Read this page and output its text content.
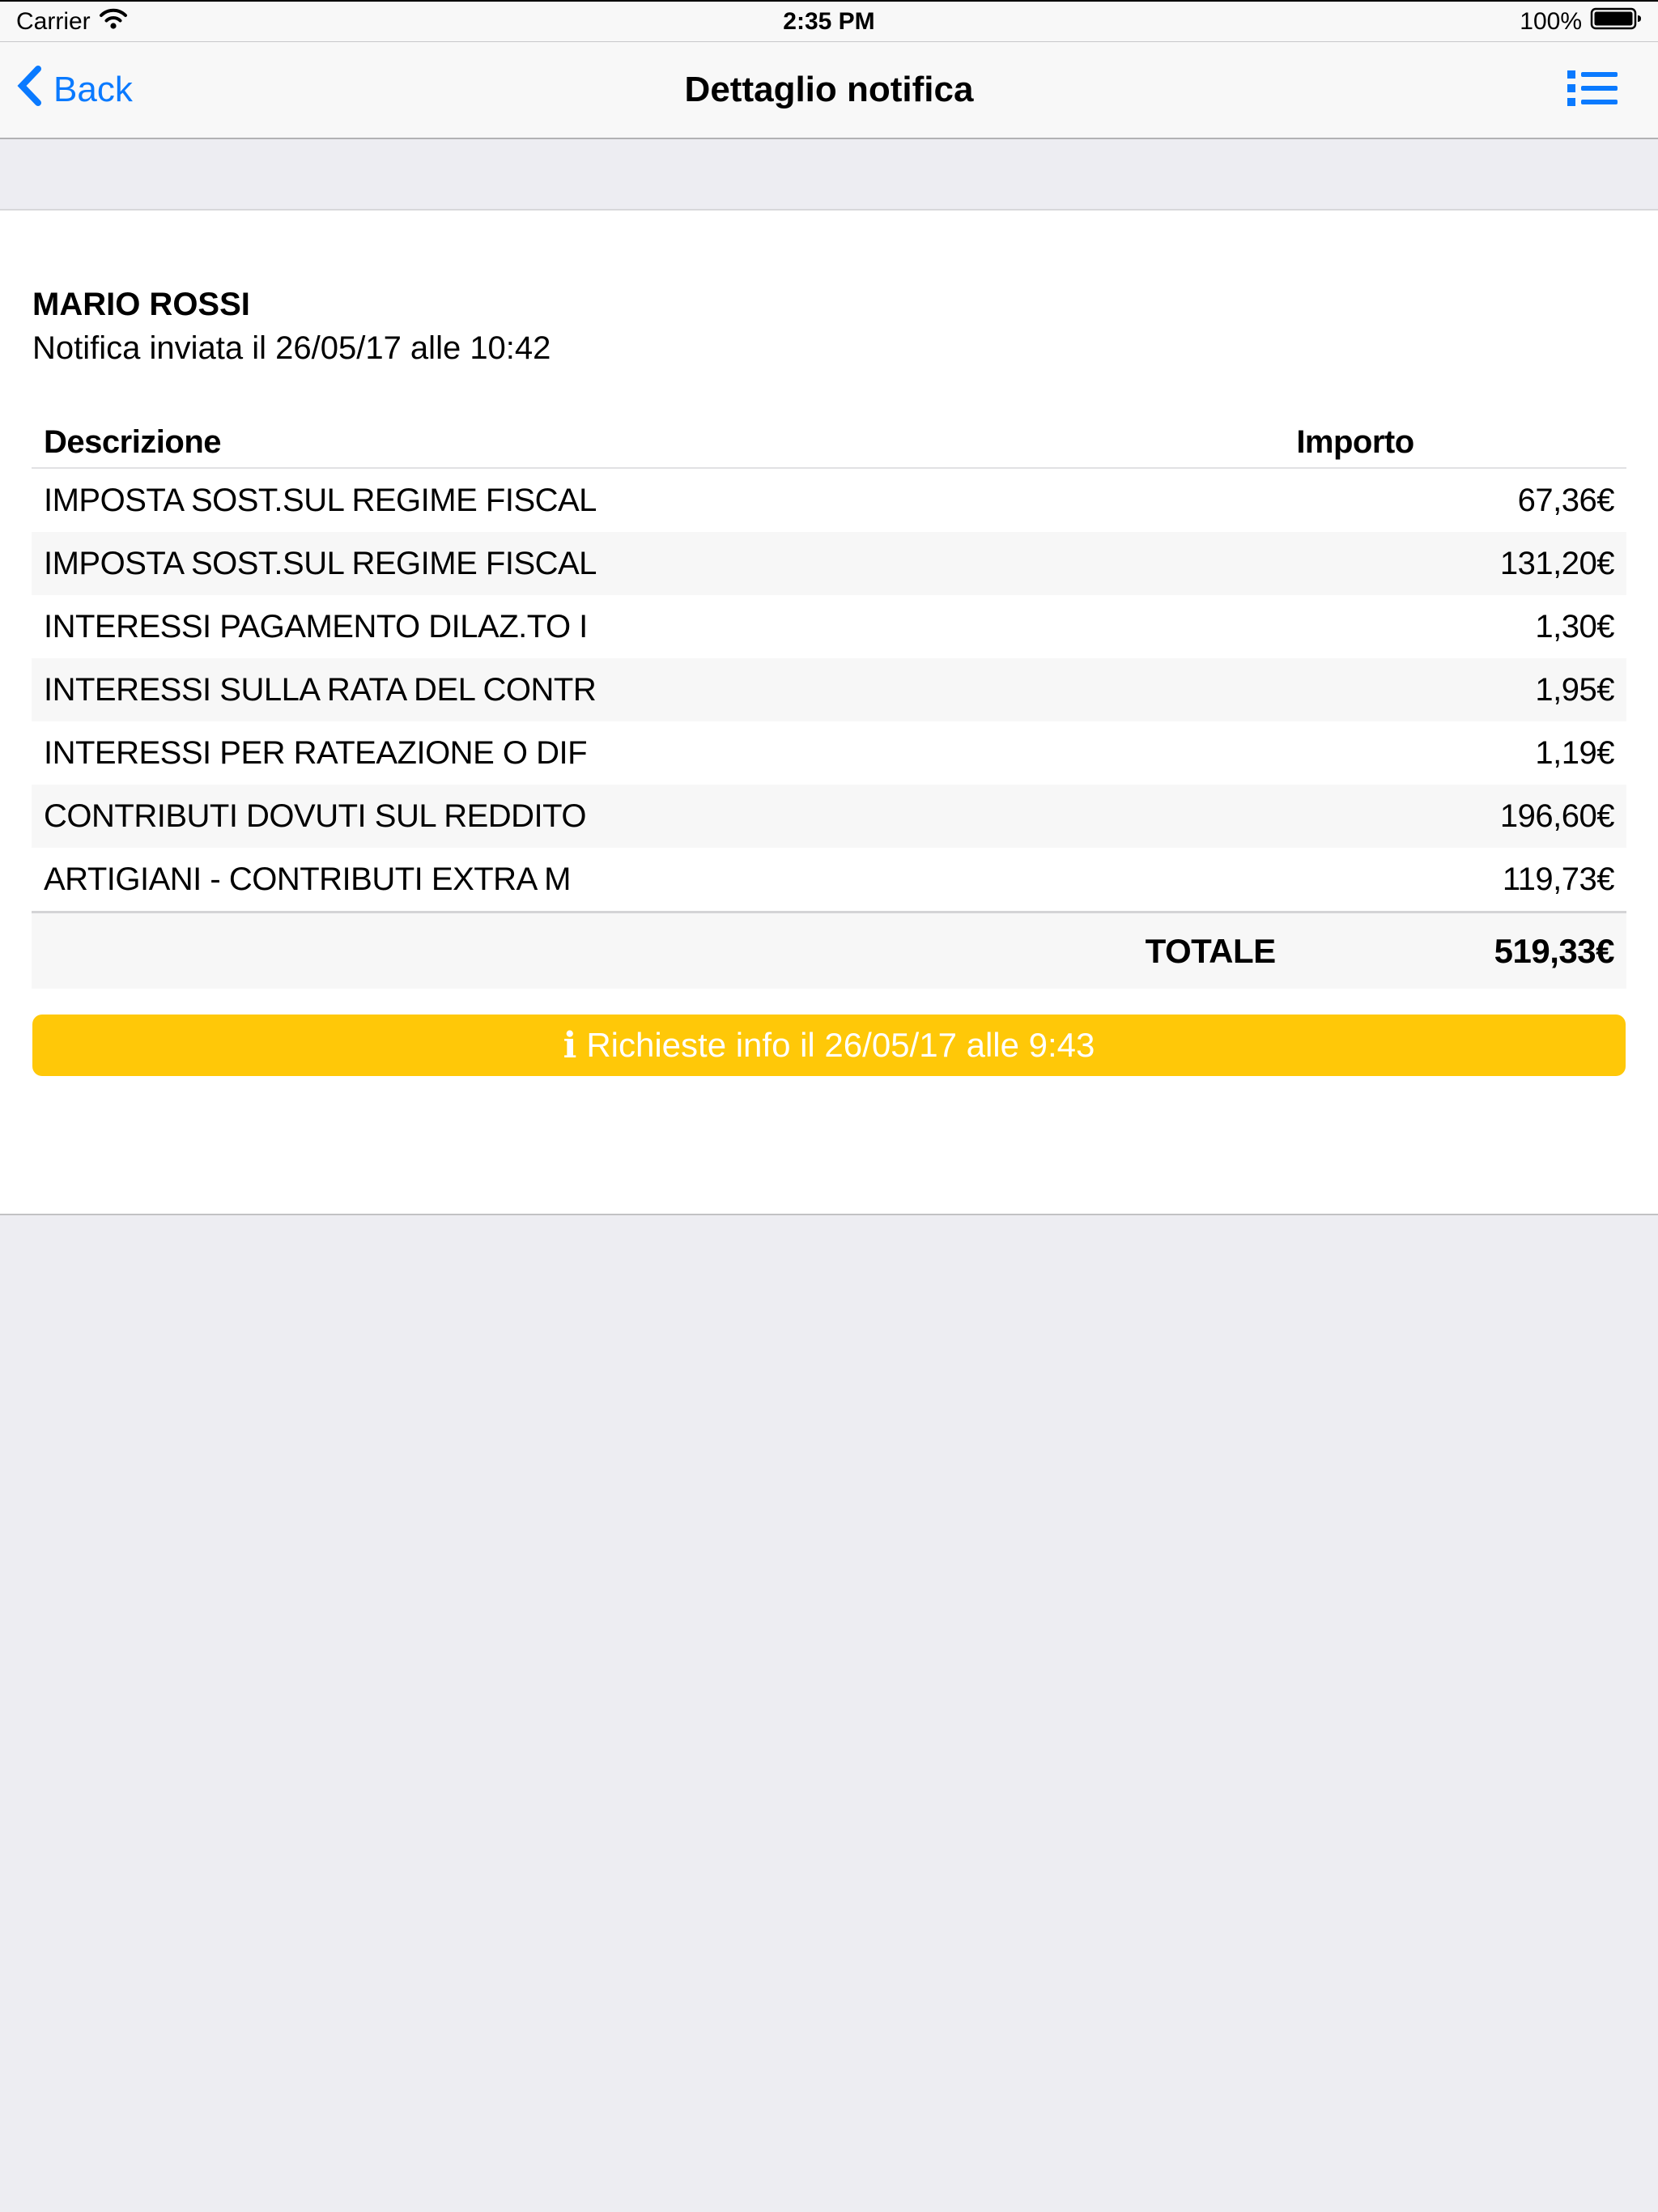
Carrier	2:35 PM	100%
Back	Dettaglio notifica
MARIO ROSSI
Notifica inviata il 26/05/17 alle 10:42
Descrizione	Importo
IMPOSTA SOST.SUL REGIME FISCAL	67,36€
IMPOSTA SOST.SUL REGIME FISCAL	131,20€
INTERESSI PAGAMENTO DILAZ.TO I	1,30€
INTERESSI SULLA RATA DEL CONTR	1,95€
INTERESSI PER RATEAZIONE O DIF	1,19€
CONTRIBUTI DOVUTI SUL REDDITO	196,60€
ARTIGIANI - CONTRIBUTI EXTRA M	119,73€
TOTALE	519,33€
i Richieste info il 26/05/17 alle 9:43
